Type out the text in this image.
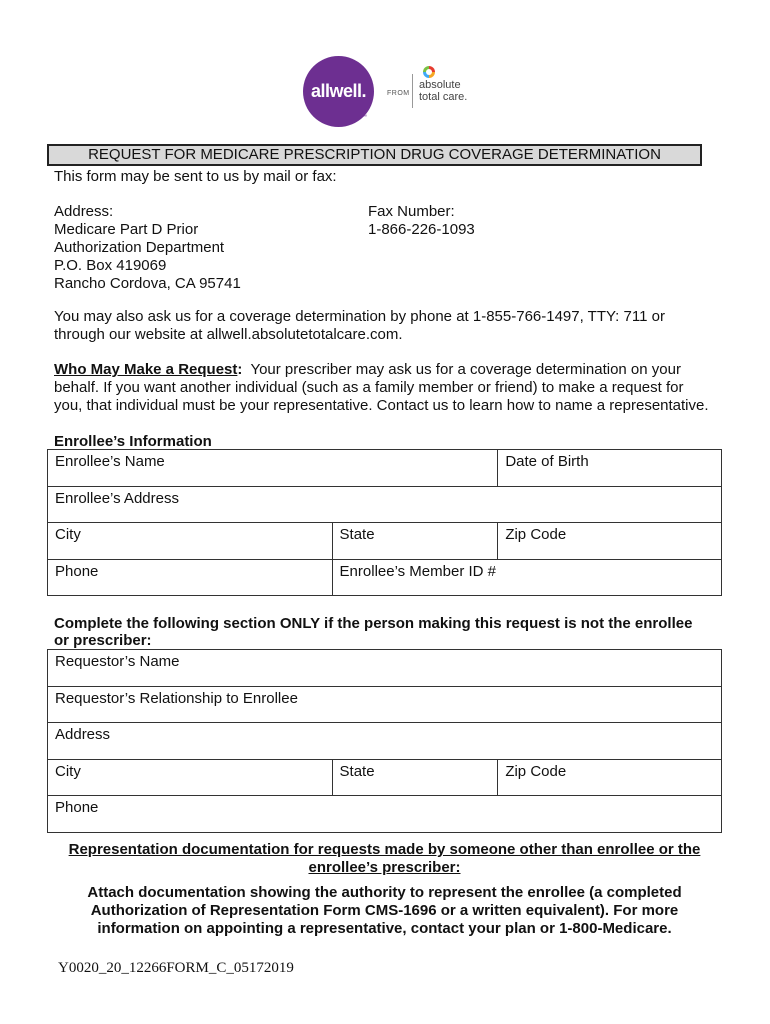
allwell.
™
FROM
absolute
total care.
REQUEST FOR MEDICARE PRESCRIPTION DRUG COVERAGE DETERMINATION
This form may be sent to us by mail or fax:
Address:
Medicare Part D Prior
Authorization Department
P.O. Box 419069
Rancho Cordova, CA 95741
Fax Number:
1-866-226-1093
You may also ask us for a coverage determination by phone at 1-855-766-1497, TTY: 711 or
through our website at allwell.absolutetotalcare.com.
Who May Make a Request:  Your prescriber may ask us for a coverage determination on your
behalf. If you want another individual (such as a family member or friend) to make a request for
you, that individual must be your representative. Contact us to learn how to name a representative.
Enrollee’s Information
Enrollee’s Name		Date of Birth
Enrollee’s Address		
City	State	Zip Code
Phone	Enrollee’s Member ID #	
Complete the following section ONLY if the person making this request is not the enrollee
or prescriber:
Requestor’s Name
Requestor’s Relationship to Enrollee
Address
City	State	Zip Code
Phone
Representation documentation for requests made by someone other than enrollee or the
enrollee’s prescriber:
Attach documentation showing the authority to represent the enrollee (a completed
Authorization of Representation Form CMS-1696 or a written equivalent). For more
information on appointing a representative, contact your plan or 1-800-Medicare.
Y0020_20_12266FORM_C_05172019
